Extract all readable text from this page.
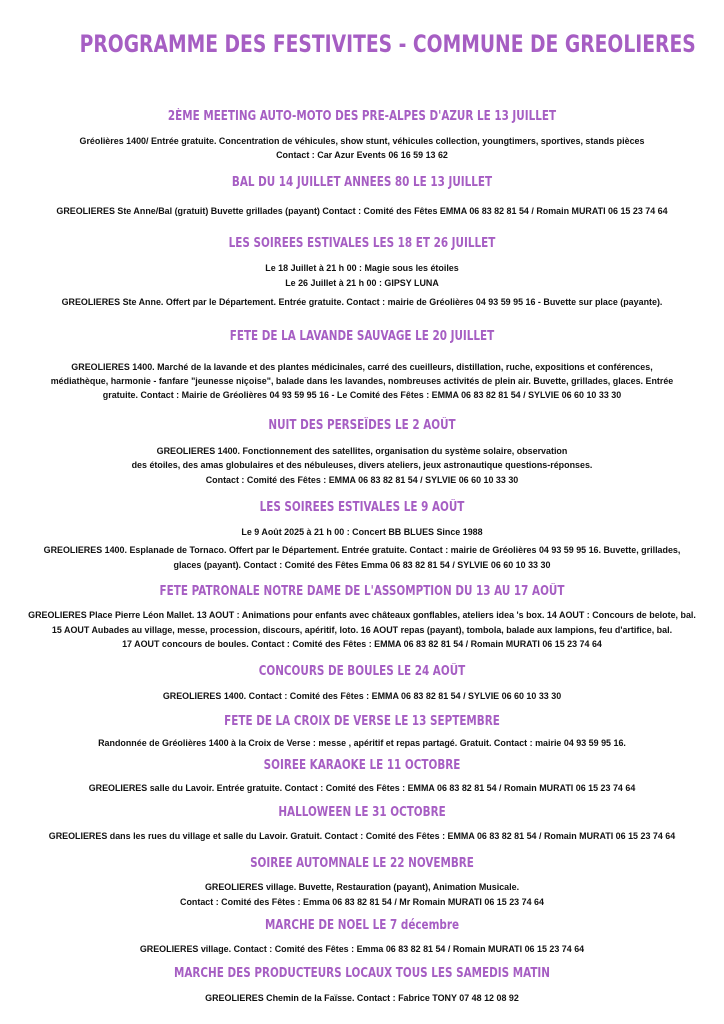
PROGRAMME DES FESTIVITES - COMMUNE DE GREOLIERES
2ÈME MEETING AUTO-MOTO DES PRE-ALPES D'AZUR LE 13 JUILLET
Gréolières 1400/ Entrée gratuite. Concentration de véhicules, show stunt, véhicules collection, youngtimers, sportives, stands pièces
Contact : Car Azur Events 06 16 59 13 62
BAL DU 14 JUILLET ANNEES 80 LE 13 JUILLET
GREOLIERES Ste Anne/Bal (gratuit) Buvette grillades (payant) Contact : Comité des Fêtes EMMA 06 83 82 81 54 / Romain MURATI 06 15 23 74 64
LES SOIREES ESTIVALES LES 18 ET 26 JUILLET
Le 18 Juillet à 21 h 00 : Magie sous les étoiles
Le 26 Juillet à 21 h 00 : GIPSY LUNA
GREOLIERES Ste Anne. Offert par le Département. Entrée gratuite. Contact : mairie de Gréolières 04 93 59 95 16 - Buvette sur place (payante).
FETE DE LA LAVANDE SAUVAGE LE 20 JUILLET
GREOLIERES 1400. Marché de la lavande et des plantes médicinales, carré des cueilleurs, distillation, ruche, expositions et conférences,
médiathèque, harmonie - fanfare "jeunesse niçoise", balade dans les lavandes, nombreuses activités de plein air. Buvette, grillades, glaces. Entrée
gratuite. Contact : Mairie de Gréolières 04 93 59 95 16 - Le Comité des Fêtes : EMMA 06 83 82 81 54 / SYLVIE 06 60 10 33 30
NUIT DES PERSEÏDES LE 2 AOÛT
GREOLIERES 1400. Fonctionnement des satellites, organisation du système solaire, observation
des étoiles, des amas globulaires et des nébuleuses, divers ateliers, jeux astronautique questions-réponses.
Contact : Comité des Fêtes : EMMA 06 83 82 81 54 / SYLVIE 06 60 10 33 30
LES SOIREES ESTIVALES LE 9 AOÛT
Le 9 Août 2025 à 21 h 00 : Concert BB BLUES Since 1988
GREOLIERES 1400. Esplanade de Tornaco. Offert par le Département. Entrée gratuite. Contact : mairie de Gréolières 04 93 59 95 16. Buvette, grillades,
glaces (payant). Contact : Comité des Fêtes Emma 06 83 82 81 54 / SYLVIE 06 60 10 33 30
FETE PATRONALE NOTRE DAME DE L'ASSOMPTION DU 13 AU 17 AOÛT
GREOLIERES Place Pierre Léon Mallet. 13 AOUT : Animations pour enfants avec châteaux gonflables, ateliers idea 's box. 14 AOUT : Concours de belote, bal.
15 AOUT Aubades au village, messe, procession, discours, apéritif, loto. 16 AOUT repas (payant), tombola, balade aux lampions, feu d'artifice, bal.
17 AOUT concours de boules. Contact : Comité des Fêtes : EMMA 06 83 82 81 54 / Romain MURATI 06 15 23 74 64
CONCOURS DE BOULES LE 24 AOÛT
GREOLIERES 1400. Contact : Comité des Fêtes : EMMA 06 83 82 81 54 / SYLVIE 06 60 10 33 30
FETE DE LA CROIX DE VERSE LE 13 SEPTEMBRE
Randonnée de Gréolières 1400 à la Croix de Verse : messe , apéritif et repas partagé. Gratuit. Contact : mairie 04 93 59 95 16.
SOIREE KARAOKE LE 11 OCTOBRE
GREOLIERES salle du Lavoir. Entrée gratuite. Contact : Comité des Fêtes : EMMA 06 83 82 81 54 / Romain MURATI 06 15 23 74 64
HALLOWEEN LE 31 OCTOBRE
GREOLIERES dans les rues du village et salle du Lavoir. Gratuit. Contact : Comité des Fêtes : EMMA 06 83 82 81 54 / Romain MURATI 06 15 23 74 64
SOIREE AUTOMNALE LE 22 NOVEMBRE
GREOLIERES village. Buvette, Restauration (payant), Animation Musicale.
Contact : Comité des Fêtes : Emma 06 83 82 81 54 / Mr Romain MURATI 06 15 23 74 64
MARCHE DE NOEL LE 7 décembre
GREOLIERES village. Contact : Comité des Fêtes : Emma 06 83 82 81 54 / Romain MURATI 06 15 23 74 64
MARCHE DES PRODUCTEURS LOCAUX TOUS LES SAMEDIS MATIN
GREOLIERES Chemin de la Faïsse. Contact : Fabrice TONY 07 48 12 08 92
